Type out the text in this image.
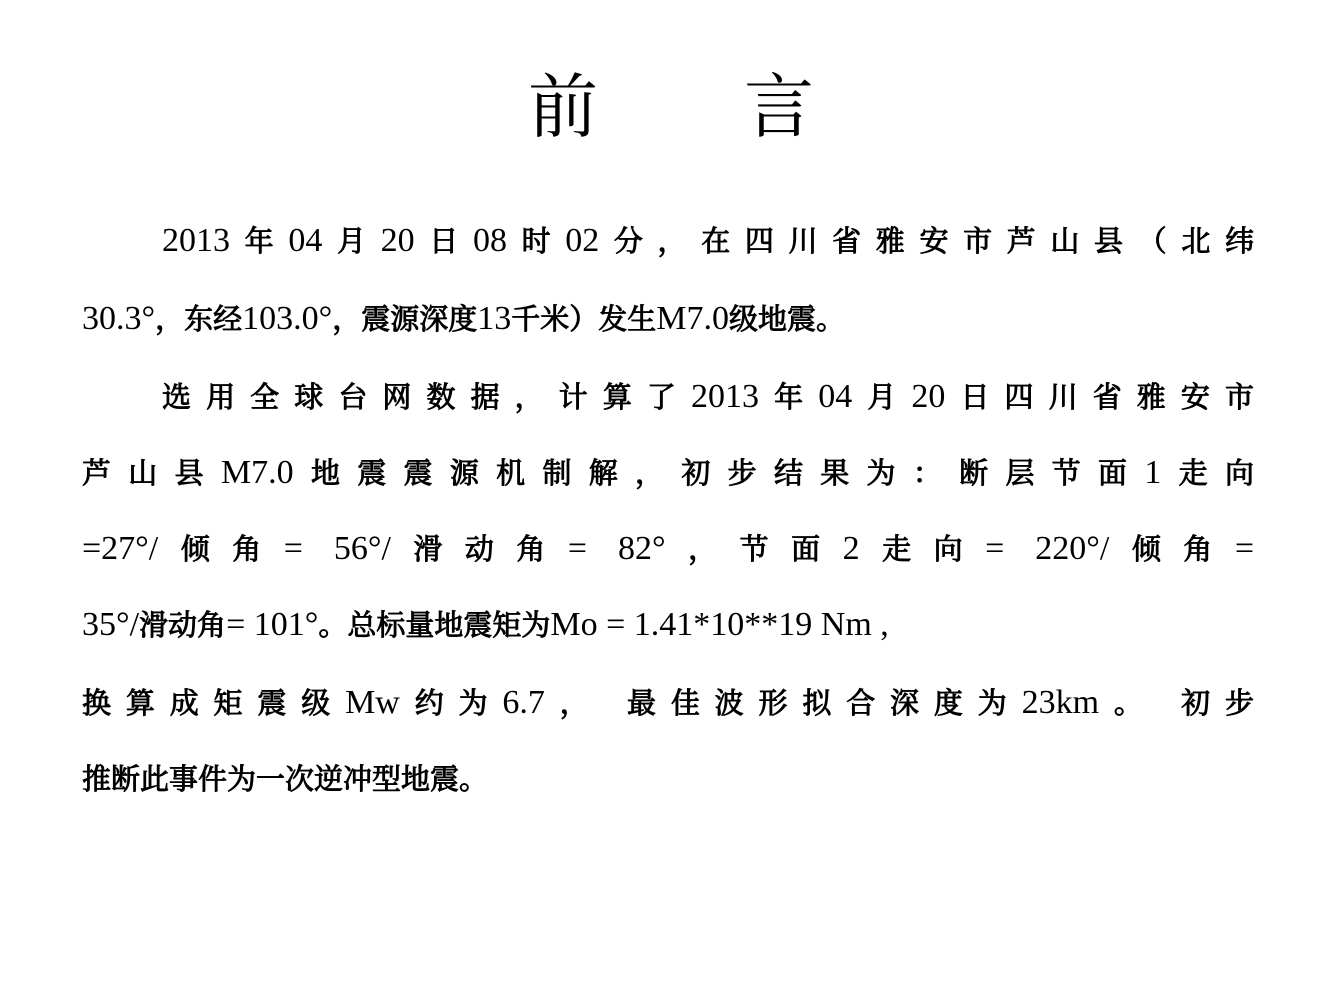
前　　言
2013年04月20日08时02分，在四川省雅安市芦山县（北纬
30.3°，东经103.0°，震源深度13千米）发生M7.0级地震。
选用全球台网数据，计算了2013年04月20日四川省雅安市
芦山县M7.0地震震源机制解，初步结果为：断层节面1走向
=27°/倾角= 56°/滑动角= 82°，节面2走向= 220°/倾角=
35°/滑动角= 101°。总标量地震矩为Mo = 1.41*10**19 Nm ,
换算成矩震级Mw约为6.7， 最佳波形拟合深度为23km。 初步
推断此事件为一次逆冲型地震。
